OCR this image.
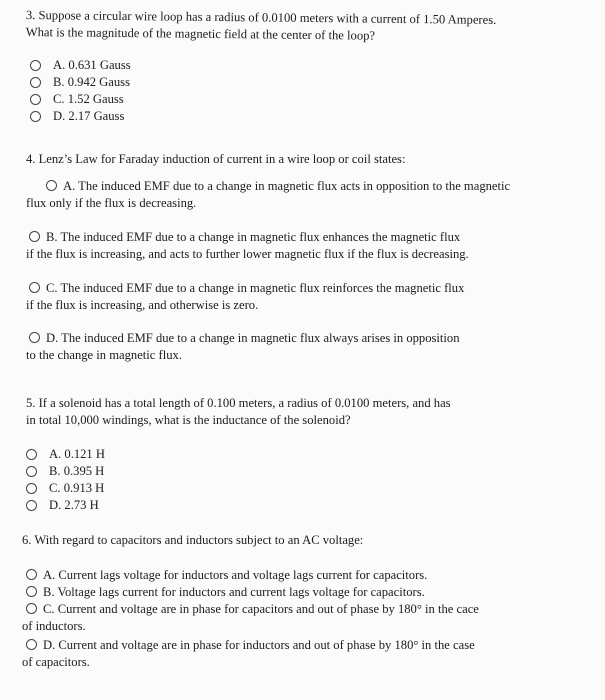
3. Suppose a circular wire loop has a radius of 0.0100 meters with a current of 1.50 Amperes.

What is the magnitude of the magnetic field at the center of the loop?

A. 0.631 Gauss
B. 0.942 Gauss
C. 1.52 Gauss
D. 2.17 Gauss

4. Lenz’s Law for Faraday induction of current in a wire loop or coil states:

A. The induced EMF due to a change in magnetic flux acts in opposition to the magnetic

flux only if the flux is decreasing.

B. The induced EMF due to a change in magnetic flux enhances the magnetic flux

if the flux is increasing, and acts to further lower magnetic flux if the flux is decreasing.

C. The induced EMF due to a change in magnetic flux reinforces the magnetic flux

if the flux is increasing, and otherwise is zero.

D. The induced EMF due to a change in magnetic flux always arises in opposition

to the change in magnetic flux.

5. If a solenoid has a total length of 0.100 meters, a radius of 0.0100 meters, and has

in total 10,000 windings, what is the inductance of the solenoid?

A. 0.121 H
B. 0.395 H
C. 0.913 H
D. 2.73 H

6. With regard to capacitors and inductors subject to an AC voltage:

A. Current lags voltage for inductors and voltage lags current for capacitors.

B. Voltage lags current for inductors and current lags voltage for capacitors.

C. Current and voltage are in phase for capacitors and out of phase by 180° in the cace

of inductors.

D. Current and voltage are in phase for inductors and out of phase by 180° in the case

of capacitors.
